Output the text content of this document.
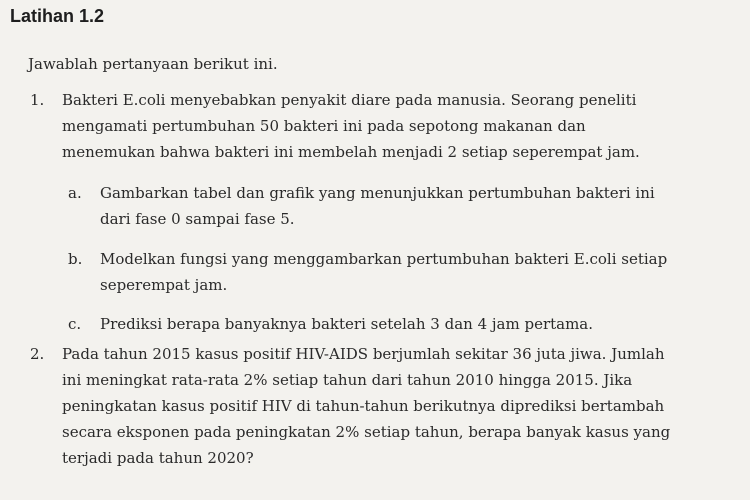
Latihan 1.2

Jawablah pertanyaan berikut ini.

1. Bakteri E.coli menyebabkan penyakit diare pada manusia. Seorang peneliti

mengamati pertumbuhan 50 bakteri ini pada sepotong makanan dan

menemukan bahwa bakteri ini membelah menjadi 2 setiap seperempat jam.

a. Gambarkan tabel dan grafik yang menunjukkan pertumbuhan bakteri ini

dari fase 0 sampai fase 5.

b. Modelkan fungsi yang menggambarkan pertumbuhan bakteri E.coli setiap

seperempat jam.

c. Prediksi berapa banyaknya bakteri setelah 3 dan 4 jam pertama.

2. Pada tahun 2015 kasus positif HIV-AIDS berjumlah sekitar 36 juta jiwa. Jumlah

ini meningkat rata-rata 2% setiap tahun dari tahun 2010 hingga 2015. Jika

peningkatan kasus positif HIV di tahun-tahun berikutnya diprediksi bertambah

secara eksponen pada peningkatan 2% setiap tahun, berapa banyak kasus yang

terjadi pada tahun 2020?
